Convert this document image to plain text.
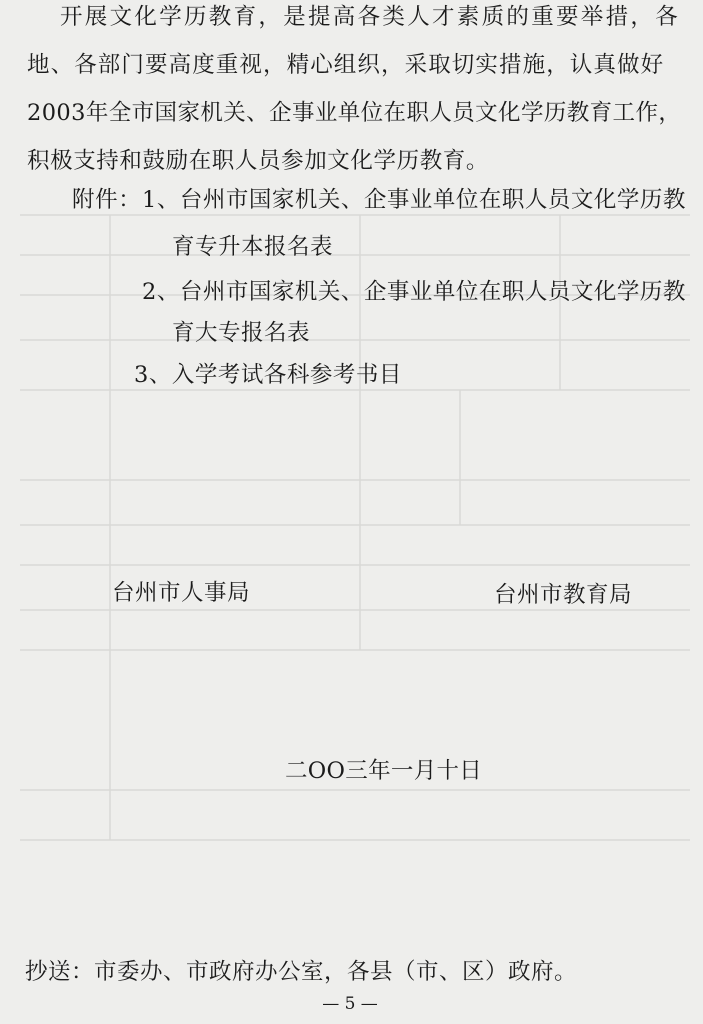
开展文化学历教育，是提高各类人才素质的重要举措，各
地、各部门要高度重视，精心组织，采取切实措施，认真做好
2003年全市国家机关、企事业单位在职人员文化学历教育工作，
积极支持和鼓励在职人员参加文化学历教育。
附件： 1、台州市国家机关、企事业单位在职人员文化学历教
育专升本报名表
2、台州市国家机关、企事业单位在职人员文化学历教
育大专报名表
3、入学考试各科参考书目
台州市人事局	台州市教育局
二OO三年一月十日
抄送：市委办、市政府办公室，各县（市、区）政府。
— 5 —
